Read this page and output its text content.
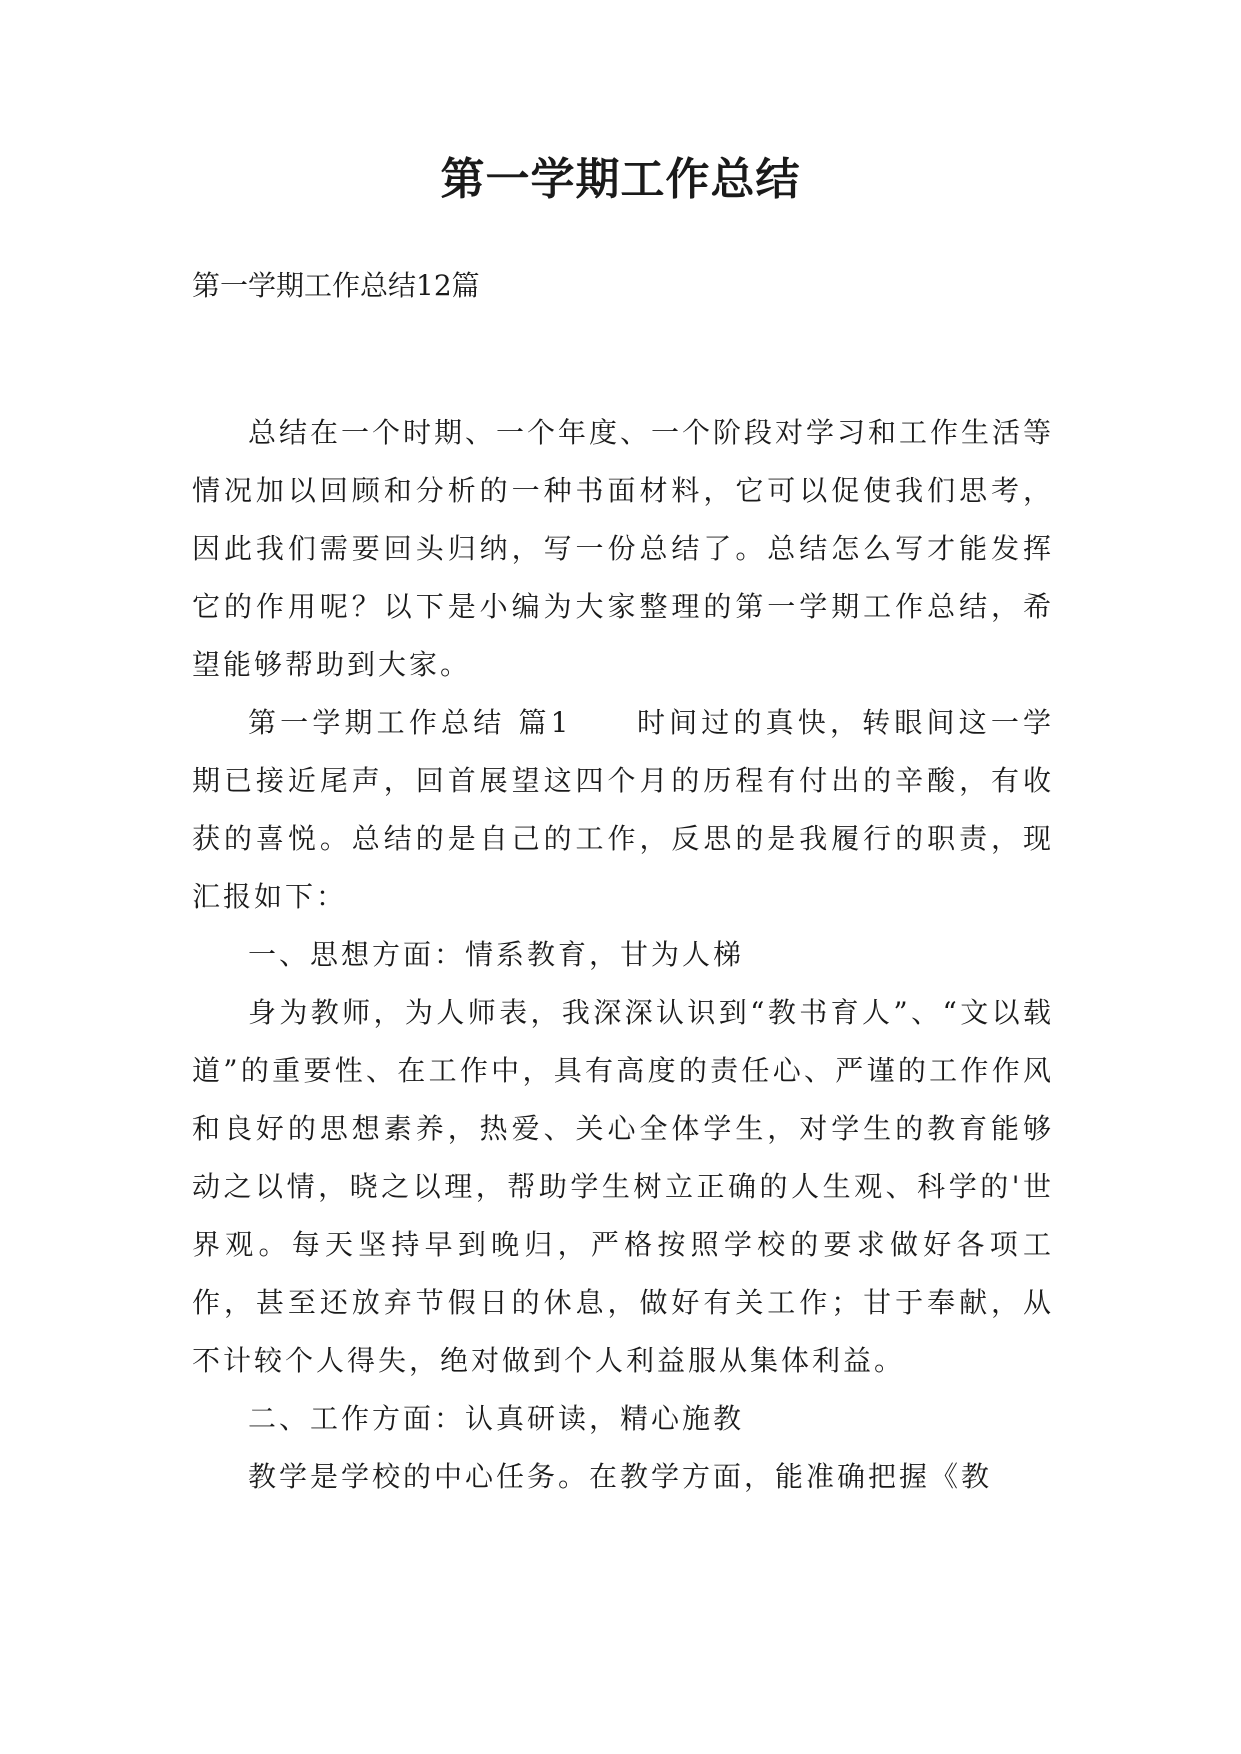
第一学期工作总结
第一学期工作总结12篇

总结在一个时期、一个年度、一个阶段对学习和工作生活等情况加以回顾和分析的一种书面材料，它可以促使我们思考，因此我们需要回头归纳，写一份总结了。总结怎么写才能发挥它的作用呢？以下是小编为大家整理的第一学期工作总结，希望能够帮助到大家。

第一学期工作总结 篇1　　时间过的真快，转眼间这一学期已接近尾声，回首展望这四个月的历程有付出的辛酸，有收获的喜悦。总结的是自己的工作，反思的是我履行的职责，现汇报如下：

一、思想方面：情系教育，甘为人梯

身为教师，为人师表，我深深认识到“教书育人”、“文以载道”的重要性、在工作中，具有高度的责任心、严谨的工作作风和良好的思想素养，热爱、关心全体学生，对学生的教育能够动之以情，晓之以理，帮助学生树立正确的人生观、科学的'世界观。每天坚持早到晚归，严格按照学校的要求做好各项工作，甚至还放弃节假日的休息，做好有关工作；甘于奉献，从不计较个人得失，绝对做到个人利益服从集体利益。

二、工作方面：认真研读，精心施教

教学是学校的中心任务。在教学方面，能准确把握《教
